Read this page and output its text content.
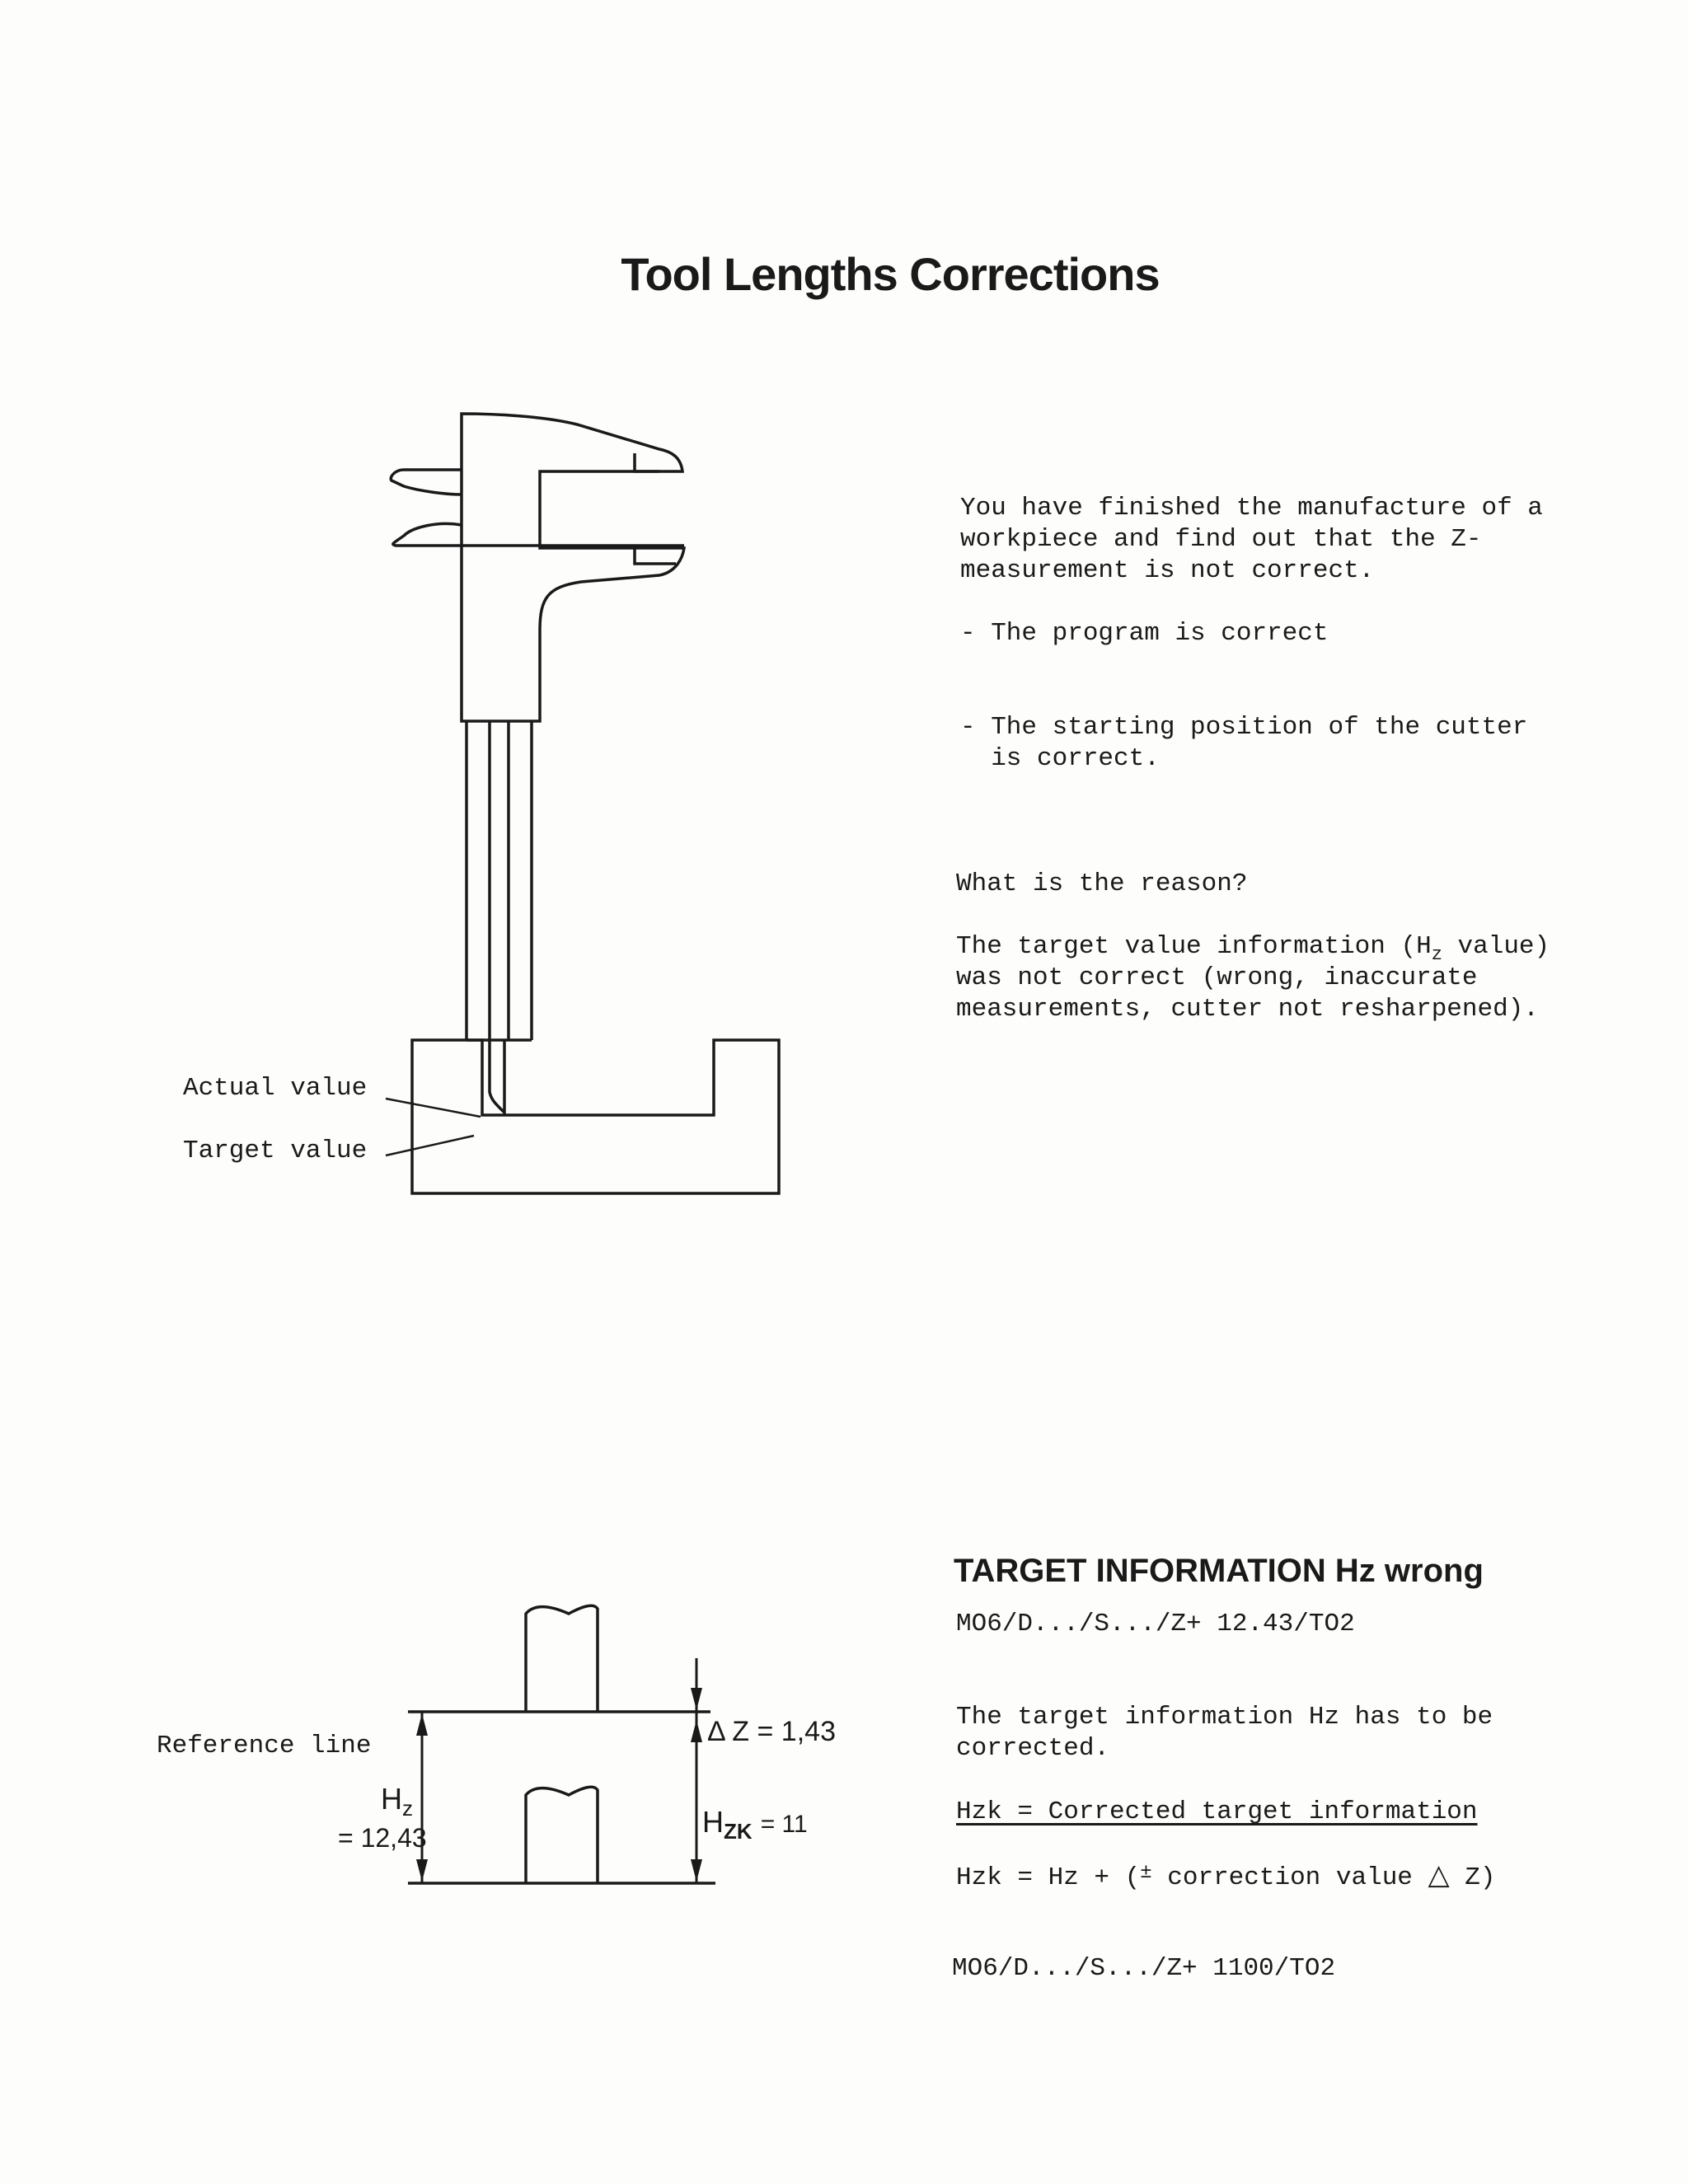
Tool Lengths Corrections
Actual value
Target value
You have finished the manufacture of a
workpiece and find out that the Z-
measurement is not correct.
- The program is correct
- The starting position of the cutter
is correct.
What is the reason?
The target value information ($H_z$ value)
was not correct (wrong, inaccurate
measurements, cutter not resharpened).
Reference line
$H_z$
= 12,43
Δ Z = 1,43
$H_{ZK} = 11$
TARGET INFORMATION Hz wrong
MO6/D.../S.../Z+ 12.43/TO2
The target information Hz has to be
corrected.
Hzk = Corrected target information
Hzk = Hz + (± correction value △ Z)
MO6/D.../S.../Z+ 1100/TO2
